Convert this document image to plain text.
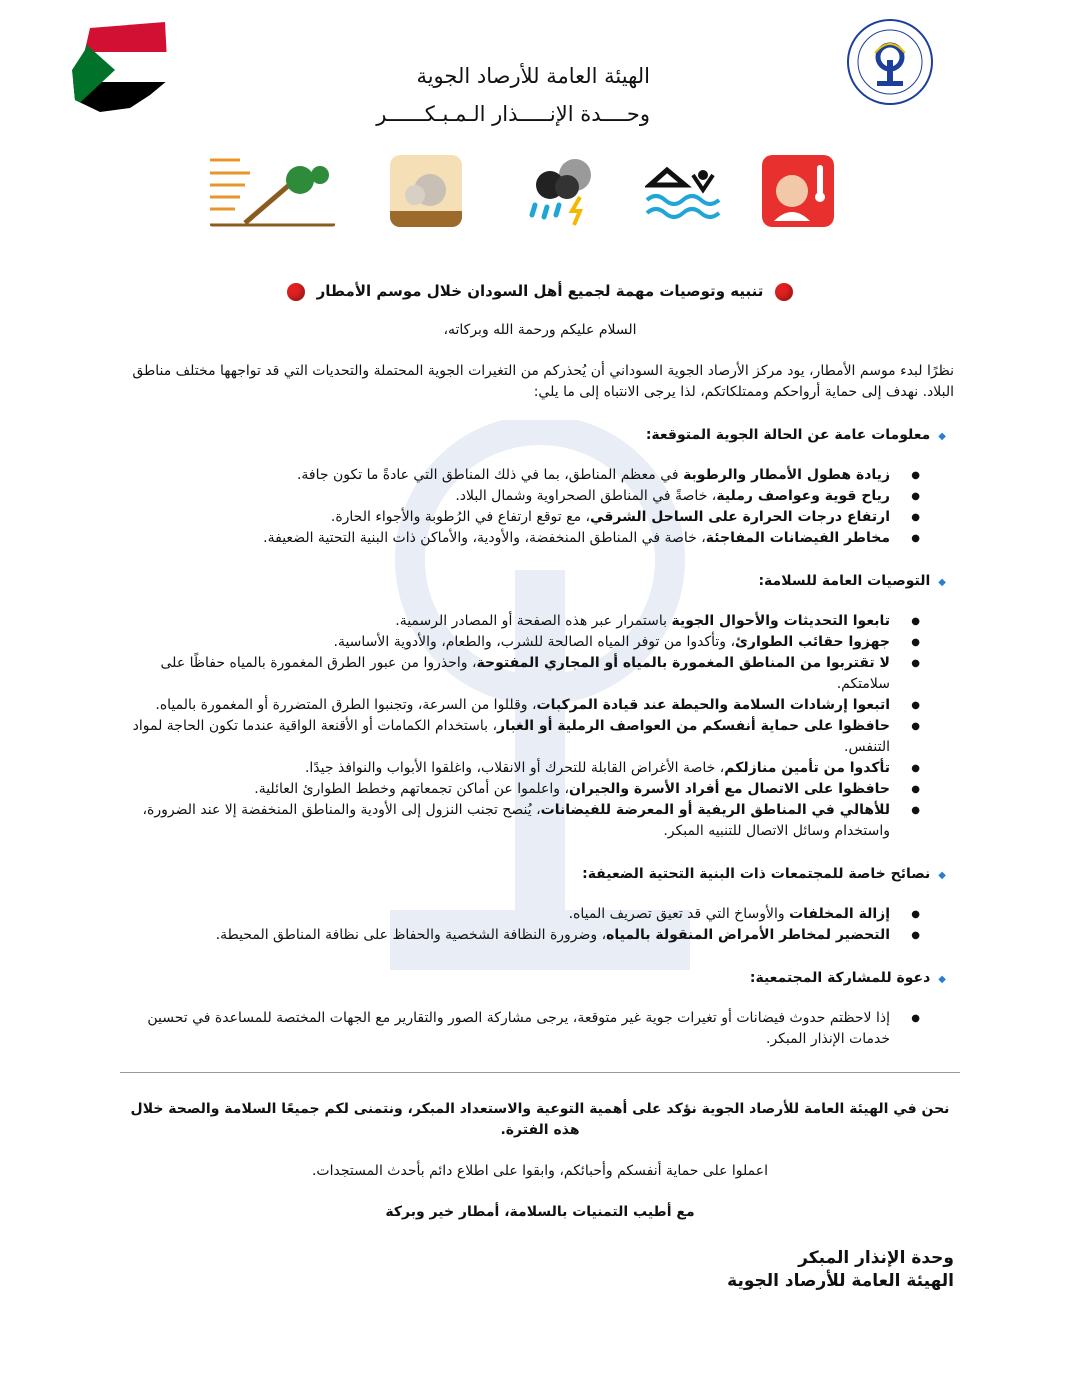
الهيئة العامة للأرصاد الجوية
وحــــدة الإنـــــذار الـمـبـكــــــر
تنبيه وتوصيات مهمة لجميع أهل السودان خلال موسم الأمطار
السلام عليكم ورحمة الله وبركاته،
نظرًا لبدء موسم الأمطار، يود مركز الأرصاد الجوية السوداني أن يُحذركم من التغيرات الجوية المحتملة والتحديات التي قد تواجهها مختلف مناطق البلاد. نهدف إلى حماية أرواحكم وممتلكاتكم، لذا يرجى الانتباه إلى ما يلي:
◆معلومات عامة عن الحالة الجوية المتوقعة:
● زيادة هطول الأمطار والرطوبة في معظم المناطق، بما في ذلك المناطق التي عادةً ما تكون جافة.
● رياح قوية وعواصف رملية، خاصةً في المناطق الصحراوية وشمال البلاد.
● ارتفاع درجات الحرارة على الساحل الشرقي، مع توقع ارتفاع في الرُطوبة والأجواء الحارة.
● مخاطر الفيضانات المفاجئة، خاصة في المناطق المنخفضة، والأودية، والأماكن ذات البنية التحتية الضعيفة.
◆التوصيات العامة للسلامة:
● تابعوا التحديثات والأحوال الجوية باستمرار عبر هذه الصفحة أو المصادر الرسمية.
● جهزوا حقائب الطوارئ، وتأكدوا من توفر المياه الصالحة للشرب، والطعام، والأدوية الأساسية.
● لا تقتربوا من المناطق المغمورة بالمياه أو المجاري المفتوحة، واحذروا من عبور الطرق المغمورة بالمياه حفاظًا على سلامتكم.
● اتبعوا إرشادات السلامة والحيطة عند قيادة المركبات، وقللوا من السرعة، وتجنبوا الطرق المتضررة أو المغمورة بالمياه.
● حافظوا على حماية أنفسكم من العواصف الرملية أو الغبار، باستخدام الكمامات أو الأقنعة الواقية عندما تكون الحاجة لمواد التنفس.
● تأكدوا من تأمين منازلكم، خاصة الأغراض القابلة للتحرك أو الانقلاب، واغلقوا الأبواب والنوافذ جيدًا.
● حافظوا على الاتصال مع أفراد الأسرة والجيران، واعلموا عن أماكن تجمعاتهم وخطط الطوارئ العائلية.
● للأهالي في المناطق الريفية أو المعرضة للفيضانات، يُنصح تجنب النزول إلى الأودية والمناطق المنخفضة إلا عند الضرورة، واستخدام وسائل الاتصال للتنبيه المبكر.
◆نصائح خاصة للمجتمعات ذات البنية التحتية الضعيفة:
● إزالة المخلفات والأوساخ التي قد تعيق تصريف المياه.
● التحضير لمخاطر الأمراض المنقولة بالمياه، وضرورة النظافة الشخصية والحفاظ على نظافة المناطق المحيطة.
◆دعوة للمشاركة المجتمعية:
● إذا لاحظتم حدوث فيضانات أو تغيرات جوية غير متوقعة، يرجى مشاركة الصور والتقارير مع الجهات المختصة للمساعدة في تحسين خدمات الإنذار المبكر.
نحن في الهيئة العامة للأرصاد الجوية نؤكد على أهمية التوعية والاستعداد المبكر، ونتمنى لكم جميعًا السلامة والصحة خلال هذه الفترة.
اعملوا على حماية أنفسكم وأحبائكم، وابقوا على اطلاع دائم بأحدث المستجدات.
مع أطيب التمنيات بالسلامة، أمطار خير وبركة
وحدة الإنذار المبكر
الهيئة العامة للأرصاد الجوية
